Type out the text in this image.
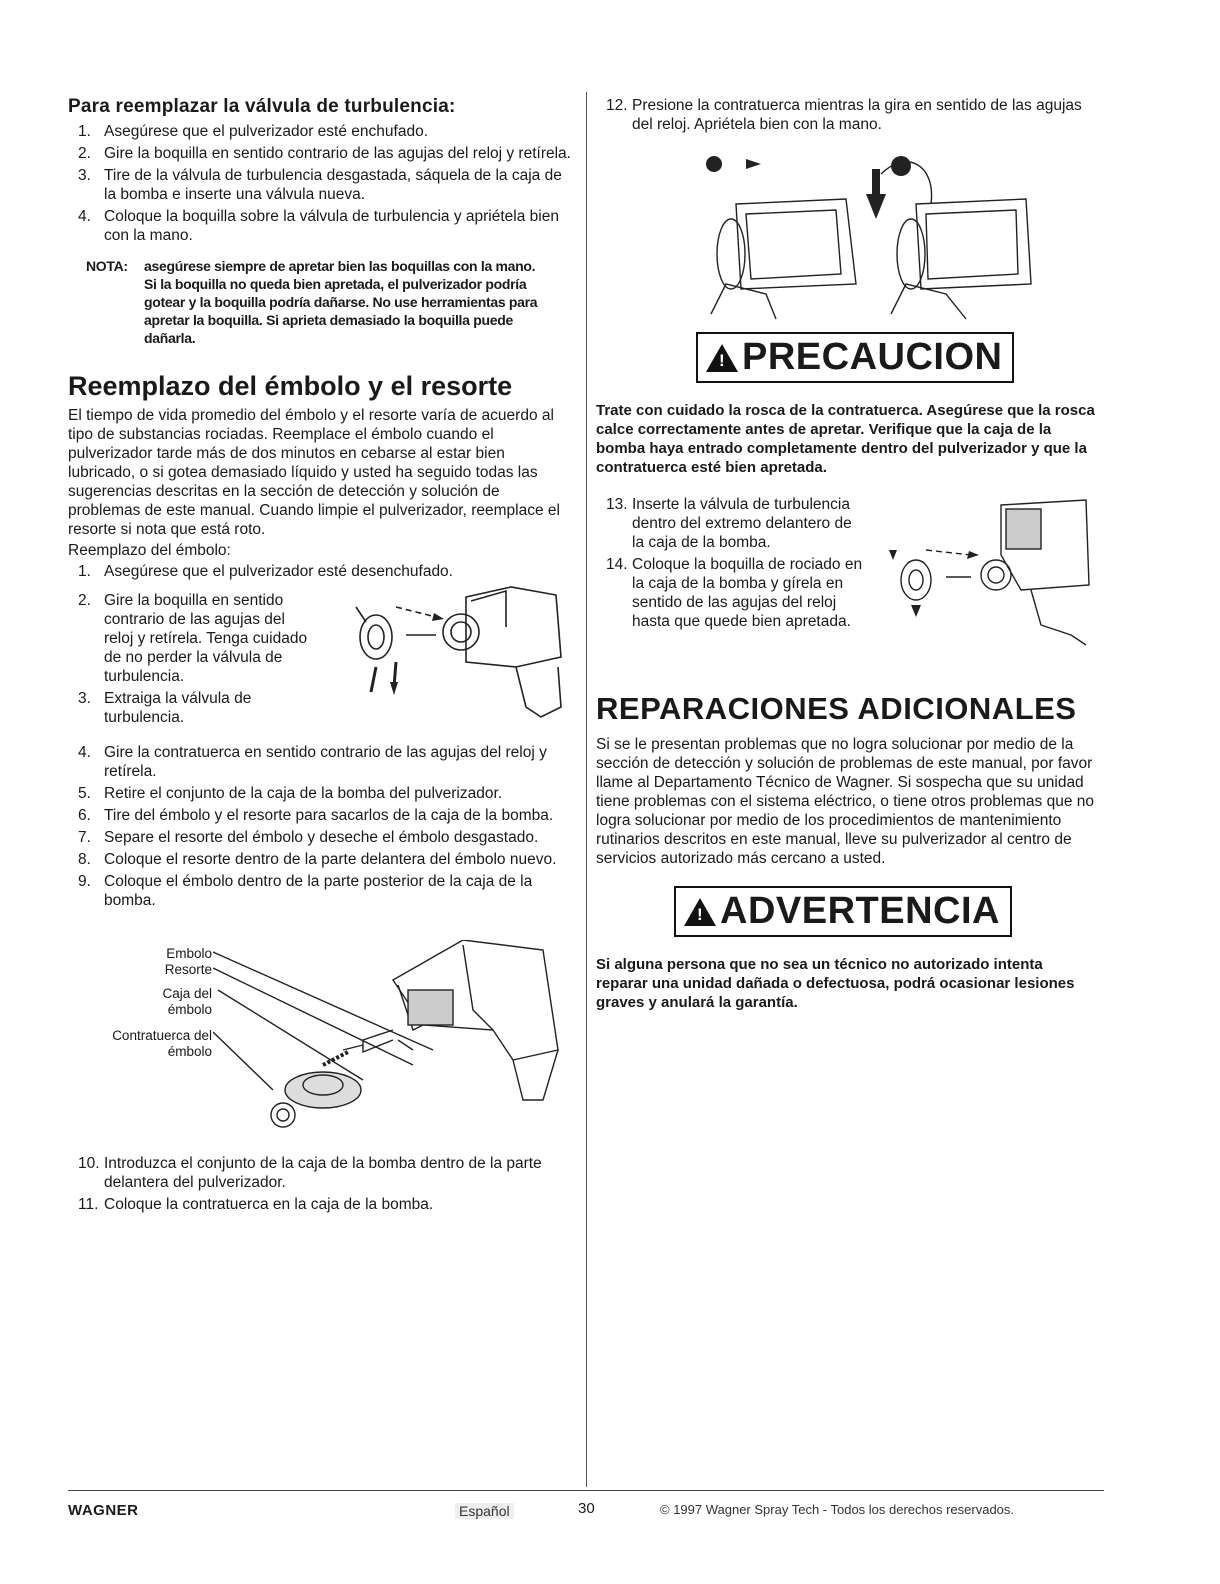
Para reemplazar la válvula de turbulencia:
1. Asegúrese que el pulverizador esté enchufado.
2. Gire la boquilla en sentido contrario de las agujas del reloj y retírela.
3. Tire de la válvula de turbulencia desgastada, sáquela de la caja de la bomba e inserte una válvula nueva.
4. Coloque la boquilla sobre la válvula de turbulencia y apriétela bien con la mano.
NOTA:	asegúrese siempre de apretar bien las boquillas con la mano. Si la boquilla no queda bien apretada, el pulverizador podría gotear y la boquilla podría dañarse. No use herramientas para apretar la boquilla. Si aprieta demasiado la boquilla puede dañarla.
Reemplazo del émbolo y el resorte

El tiempo de vida promedio del émbolo y el resorte varía de acuerdo al tipo de substancias rociadas. Reemplace el émbolo cuando el pulverizador tarde más de dos minutos en cebarse al estar bien lubricado, o si gotea demasiado líquido y usted ha seguido todas las sugerencias descritas en la sección de detección y solución de problemas de este manual. Cuando limpie el pulverizador, reemplace el resorte si nota que está roto.

Reemplazo del émbolo:

1. Asegúrese que el pulverizador esté desenchufado.
2. Gire la boquilla en sentido contrario de las agujas del reloj y retírela. Tenga cuidado de no perder la válvula de turbulencia.
3. Extraiga la válvula de turbulencia.
4. Gire la contratuerca en sentido contrario de las agujas del reloj y retírela.
5. Retire el conjunto de la caja de la bomba del pulverizador.
6. Tire del émbolo y el resorte para sacarlos de la caja de la bomba.
7. Separe el resorte del émbolo y deseche el émbolo desgastado.
8. Coloque el resorte dentro de la parte delantera del émbolo nuevo.
9. Coloque el émbolo dentro de la parte posterior de la caja de la bomba.
Embolo
Resorte
Caja del émbolo
Contratuerca del émbolo
10. Introduzca el conjunto de la caja de la bomba dentro de la parte delantera del pulverizador.
11. Coloque la contratuerca en la caja de la bomba.
12. Presione la contratuerca mientras la gira en sentido de las agujas del reloj. Apriétela bien con la mano.
!
PRECAUCION

Trate con cuidado la rosca de la contratuerca. Asegúrese que la rosca calce correctamente antes de apretar. Verifique que la caja de la bomba haya entrado completamente dentro del pulverizador y que la contratuerca esté bien apretada.

13. Inserte la válvula de turbulencia dentro del extremo delantero de la caja de la bomba.
14. Coloque la boquilla de rociado en la caja de la bomba y gírela en sentido de las agujas del reloj hasta que quede bien apretada.
REPARACIONES ADICIONALES

Si se le presentan problemas que no logra solucionar por medio de la sección de detección y solución de problemas de este manual, por favor llame al Departamento Técnico de Wagner. Si sospecha que su unidad tiene problemas con el sistema eléctrico, o tiene otros problemas que no logra solucionar por medio de los procedimientos de mantenimiento rutinarios descritos en este manual, lleve su pulverizador al centro de servicios autorizado más cercano a usted.

!
ADVERTENCIA

Si alguna persona que no sea un técnico no autorizado intenta reparar una unidad dañada o defectuosa, podrá ocasionar lesiones graves y anulará la garantía.

WAGNER	Español	30	© 1997 Wagner Spray Tech - Todos los derechos reservados.
